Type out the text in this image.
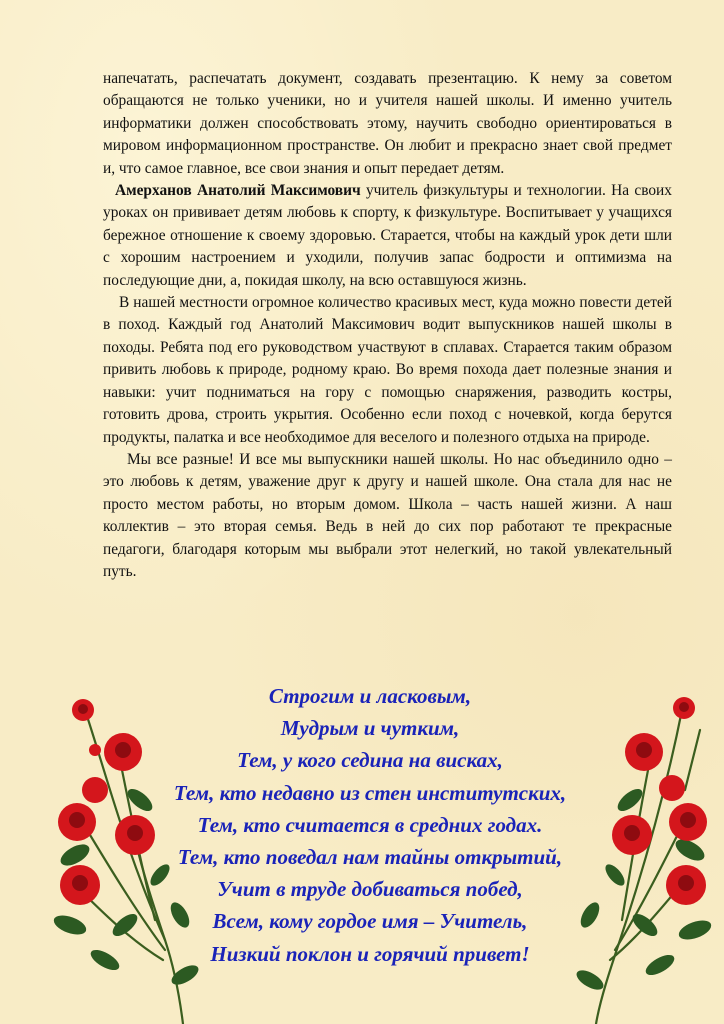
напечатать, распечатать документ, создавать презентацию. К нему за советом обращаются не только ученики, но и учителя нашей школы. И именно учитель информатики должен способствовать этому, научить свободно ориентироваться в мировом информационном пространстве. Он любит и прекрасно знает свой предмет и, что самое главное, все свои знания и опыт передает детям.

Амерханов Анатолий Максимович учитель физкультуры и технологии. На своих уроках он прививает детям любовь к спорту, к физкультуре. Воспитывает у учащихся бережное отношение к своему здоровью. Старается, чтобы на каждый урок дети шли с хорошим настроением и уходили, получив запас бодрости и оптимизма на последующие дни, а, покидая школу, на всю оставшуюся жизнь.

В нашей местности огромное количество красивых мест, куда можно повести детей в поход. Каждый год Анатолий Максимович водит выпускников нашей школы в походы. Ребята под его руководством участвуют в сплавах. Старается таким образом привить любовь к природе, родному краю. Во время похода дает полезные знания и навыки: учит подниматься на гору с помощью снаряжения, разводить костры, готовить дрова, строить укрытия. Особенно если поход с ночевкой, когда берутся продукты, палатка и все необходимое для веселого и полезного отдыха на природе.

Мы все разные! И все мы выпускники нашей школы. Но нас объединило одно – это любовь к детям, уважение друг к другу и нашей школе. Она стала для нас не просто местом работы, но вторым домом. Школа – часть нашей жизни. А наш коллектив – это вторая семья. Ведь в ней до сих пор работают те прекрасные педагоги, благодаря которым мы выбрали этот нелегкий, но такой увлекательный путь.

Строгим и ласковым,
Мудрым и чутким,
Тем, у кого седина на висках,
Тем, кто недавно из стен институтских,
Тем, кто считается в средних годах.
Тем, кто поведал нам тайны открытий,
Учит в труде добиваться побед,
Всем, кому гордое имя – Учитель,
Низкий поклон и горячий привет!
